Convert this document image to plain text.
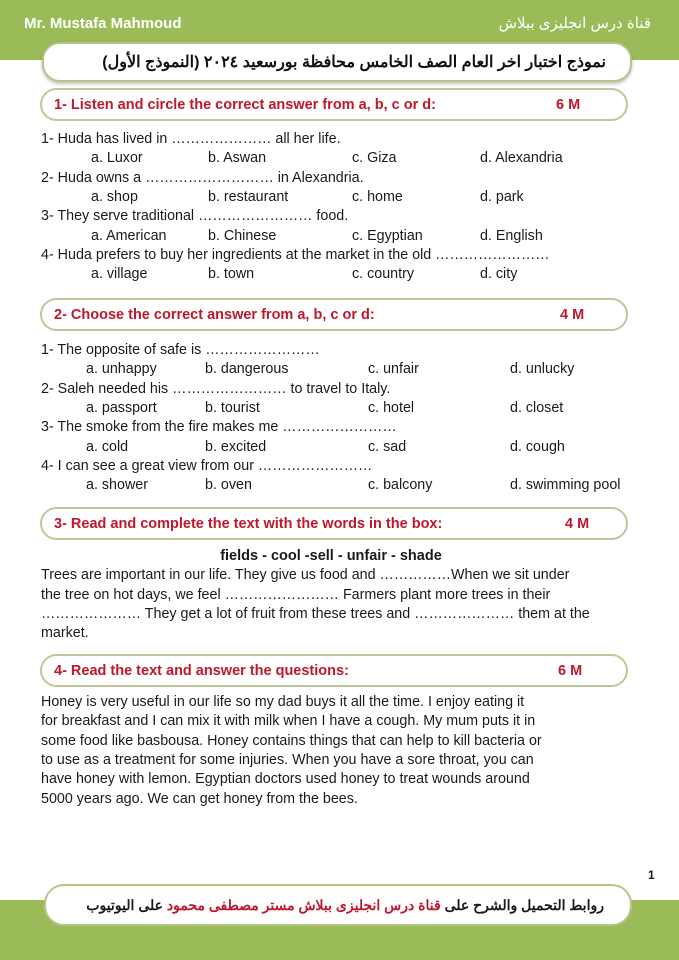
Mr. Mustafa Mahmoud	قناة درس انجليزى ببلاش
نموذج اختبار اخر العام الصف الخامس محافظة بورسعيد ٢٠٢٤ (النموذج الأول)
1- Listen and circle the correct answer from a, b, c or d:	6 M
1- Huda has lived in ………………… all her life.
a. Luxor	b. Aswan	c. Giza	d. Alexandria
2- Huda owns a ……………………… in Alexandria.
a. shop	b. restaurant	c. home	d. park
3- They serve traditional …………………… food.
a. American	b. Chinese	c. Egyptian	d. English
4- Huda prefers to buy her ingredients at the market in the old ……………………
a. village	b. town	c. country	d. city
2- Choose the correct answer from a, b, c or d:	4 M
1- The opposite of safe is ……………………
a. unhappy	b. dangerous	c. unfair	d. unlucky
2- Saleh needed his …………………… to travel to Italy.
a. passport	b. tourist	c. hotel	d. closet
3- The smoke from the fire makes me ……………………
a. cold	b. excited	c. sad	d. cough
4- I can see a great view from our ……………………
a. shower	b. oven	c. balcony	d. swimming pool
3- Read and complete the text with the words in the box:	4 M
fields - cool -sell - unfair - shade
Trees are important in our life. They give us food and ……………When we sit under
the tree on hot days, we feel …………………… Farmers plant more trees in their
………………… They get a lot of fruit from these trees and ………………… them at the
market.
4- Read the text and answer the questions:	6 M
Honey is very useful in our life so my dad buys it all the time. I enjoy eating it
for breakfast and I can mix it with milk when I have a cough. My mum puts it in
some food like basbousa. Honey contains things that can help to kill bacteria or
to use as a treatment for some injuries. When you have a sore throat, you can
have honey with lemon. Egyptian doctors used honey to treat wounds around
5000 years ago. We can get honey from the bees.
روابط التحميل والشرح على قناة درس انجليزى ببلاش مستر مصطفى محمود على اليوتيوب
1
